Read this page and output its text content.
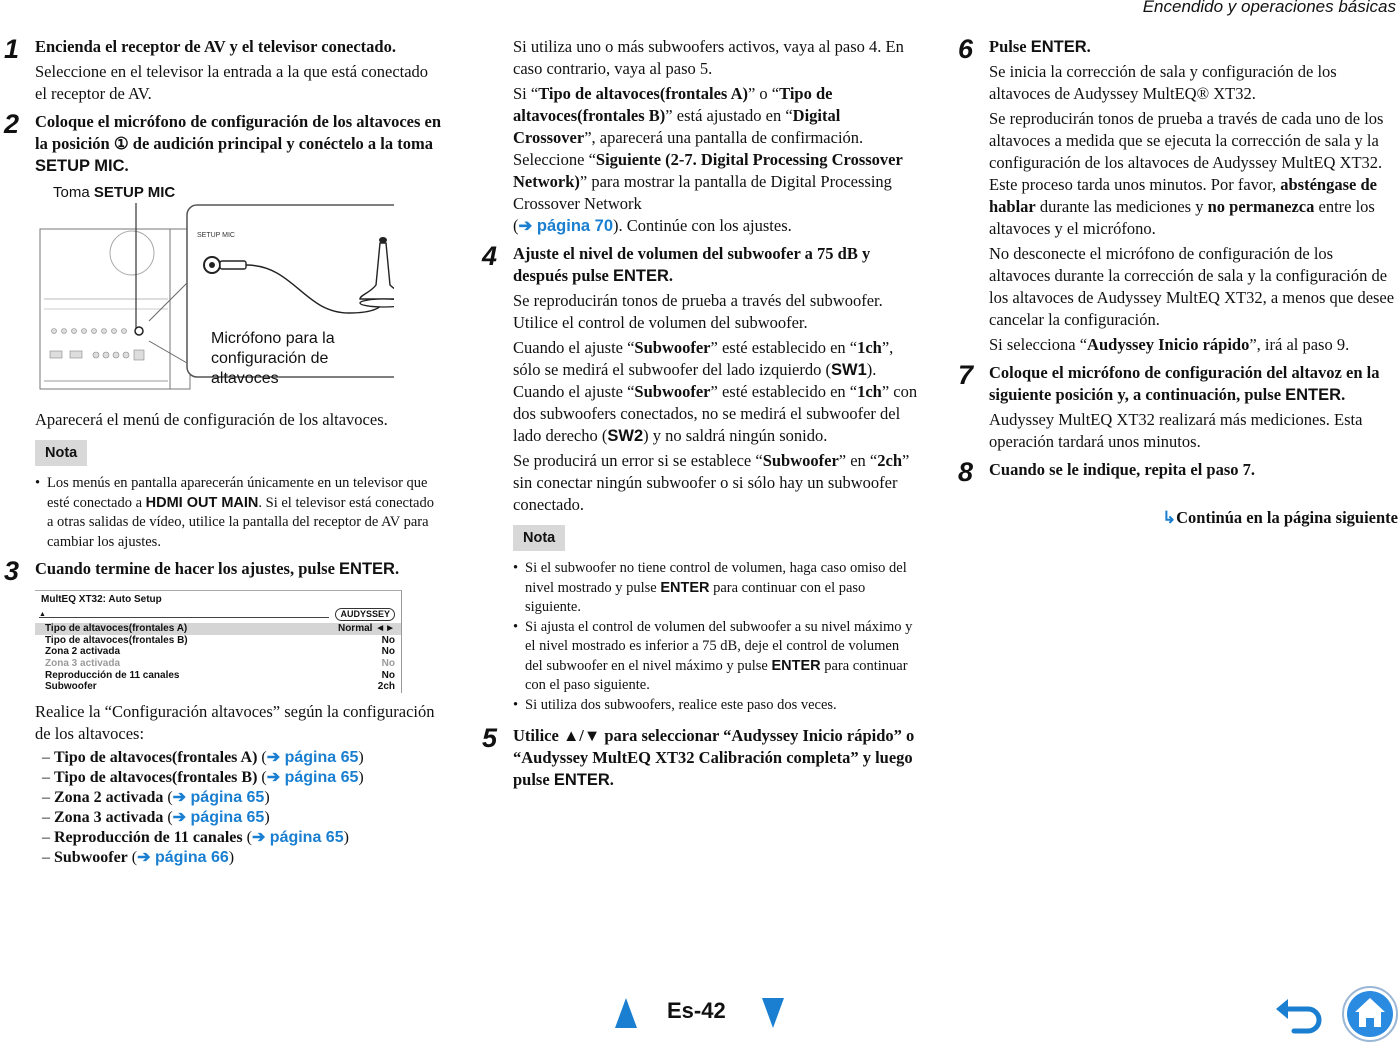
Encendido y operaciones básicas
1 Encienda el receptor de AV y el televisor conectado.

Seleccione en el televisor la entrada a la que está conectado el receptor de AV.

2 Coloque el micrófono de configuración de los altavoces en la posición ① de audición principal y conéctelo a la toma SETUP MIC.

Toma SETUP MIC
SETUP MIC
Micrófono para la
configuración de altavoces

Aparecerá el menú de configuración de los altavoces.

Nota
• Los menús en pantalla aparecerán únicamente en un televisor que esté conectado a HDMI OUT MAIN. Si el televisor está conectado a otras salidas de vídeo, utilice la pantalla del receptor de AV para cambiar los ajustes.
3 Cuando termine de hacer los ajustes, pulse ENTER.

MultEQ XT32: Auto Setup
▲	AUDYSSEY
Tipo de altavoces(frontales A)	Normal ◄►
Tipo de altavoces(frontales B)	No
Zona 2 activada	No
Zona 3 activada	No
Reproducción de 11 canales	No
Subwoofer	2ch

Realice la “Configuración altavoces” según la configuración de los altavoces:

– Tipo de altavoces(frontales A) (➔ página 65)
– Tipo de altavoces(frontales B) (➔ página 65)
– Zona 2 activada (➔ página 65)
– Zona 3 activada (➔ página 65)
– Reproducción de 11 canales (➔ página 65)
– Subwoofer (➔ página 66)

Si utiliza uno o más subwoofers activos, vaya al paso 4. En caso contrario, vaya al paso 5.

Si “Tipo de altavoces(frontales A)” o “Tipo de altavoces(frontales B)” está ajustado en “Digital Crossover”, aparecerá una pantalla de confirmación. Seleccione “Siguiente (2-7. Digital Processing Crossover Network)” para mostrar la pantalla de Digital Processing Crossover Network
(➔ página 70). Continúe con los ajustes.

4 Ajuste el nivel de volumen del subwoofer a 75 dB y después pulse ENTER.

Se reproducirán tonos de prueba a través del subwoofer. Utilice el control de volumen del subwoofer.

Cuando el ajuste “Subwoofer” esté establecido en “1ch”, sólo se medirá el subwoofer del lado izquierdo (SW1).
Cuando el ajuste “Subwoofer” esté establecido en “1ch” con dos subwoofers conectados, no se medirá el subwoofer del lado derecho (SW2) y no saldrá ningún sonido.

Se producirá un error si se establece “Subwoofer” en “2ch” sin conectar ningún subwoofer o si sólo hay un subwoofer conectado.

Nota
• Si el subwoofer no tiene control de volumen, haga caso omiso del nivel mostrado y pulse ENTER para continuar con el paso siguiente.
• Si ajusta el control de volumen del subwoofer a su nivel máximo y el nivel mostrado es inferior a 75 dB, deje el control de volumen del subwoofer en el nivel máximo y pulse ENTER para continuar con el paso siguiente.
• Si utiliza dos subwoofers, realice este paso dos veces.
5 Utilice ▲/▼ para seleccionar “Audyssey Inicio rápido” o “Audyssey MultEQ XT32 Calibración completa” y luego pulse ENTER.

6 Pulse ENTER.

Se inicia la corrección de sala y configuración de los altavoces de Audyssey MultEQ® XT32.

Se reproducirán tonos de prueba a través de cada uno de los altavoces a medida que se ejecuta la corrección de sala y la configuración de los altavoces de Audyssey MultEQ XT32. Este proceso tarda unos minutos. Por favor, absténgase de hablar durante las mediciones y no permanezca entre los altavoces y el micrófono.

No desconecte el micrófono de configuración de los altavoces durante la corrección de sala y la configuración de los altavoces de Audyssey MultEQ XT32, a menos que desee cancelar la configuración.

Si selecciona “Audyssey Inicio rápido”, irá al paso 9.

7 Coloque el micrófono de configuración del altavoz en la siguiente posición y, a continuación, pulse ENTER.

Audyssey MultEQ XT32 realizará más mediciones. Esta operación tardará unos minutos.

8 Cuando se le indique, repita el paso 7.

↳Continúa en la página siguiente
Es-42
